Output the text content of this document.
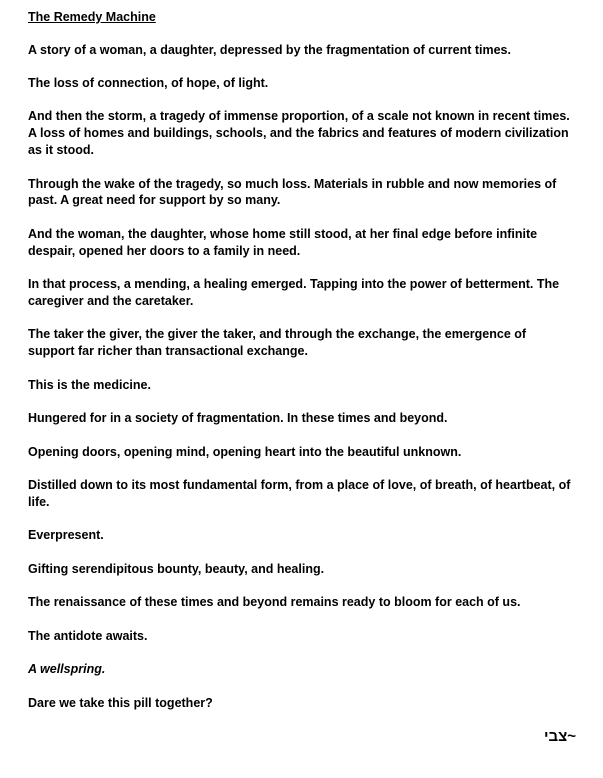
The Remedy Machine

A story of a woman, a daughter, depressed by the fragmentation of current times.

The loss of connection, of hope, of light.

And then the storm, a tragedy of immense proportion, of a scale not known in recent times. A loss of homes and buildings, schools, and the fabrics and features of modern civilization as it stood.

Through the wake of the tragedy, so much loss. Materials in rubble and now memories of past. A great need for support by so many.

And the woman, the daughter, whose home still stood, at her final edge before infinite despair, opened her doors to a family in need.

In that process, a mending, a healing emerged. Tapping into the power of betterment. The caregiver and the caretaker.

The taker the giver, the giver the taker, and through the exchange, the emergence of support far richer than transactional exchange.

This is the medicine.

Hungered for in a society of fragmentation. In these times and beyond.

Opening doors, opening mind, opening heart into the beautiful unknown.

Distilled down to its most fundamental form, from a place of love, of breath, of heartbeat, of life.

Everpresent.

Gifting serendipitous bounty, beauty, and healing.

The renaissance of these times and beyond remains ready to bloom for each of us.

The antidote awaits.

A wellspring.

Dare we take this pill together?

~צבי
